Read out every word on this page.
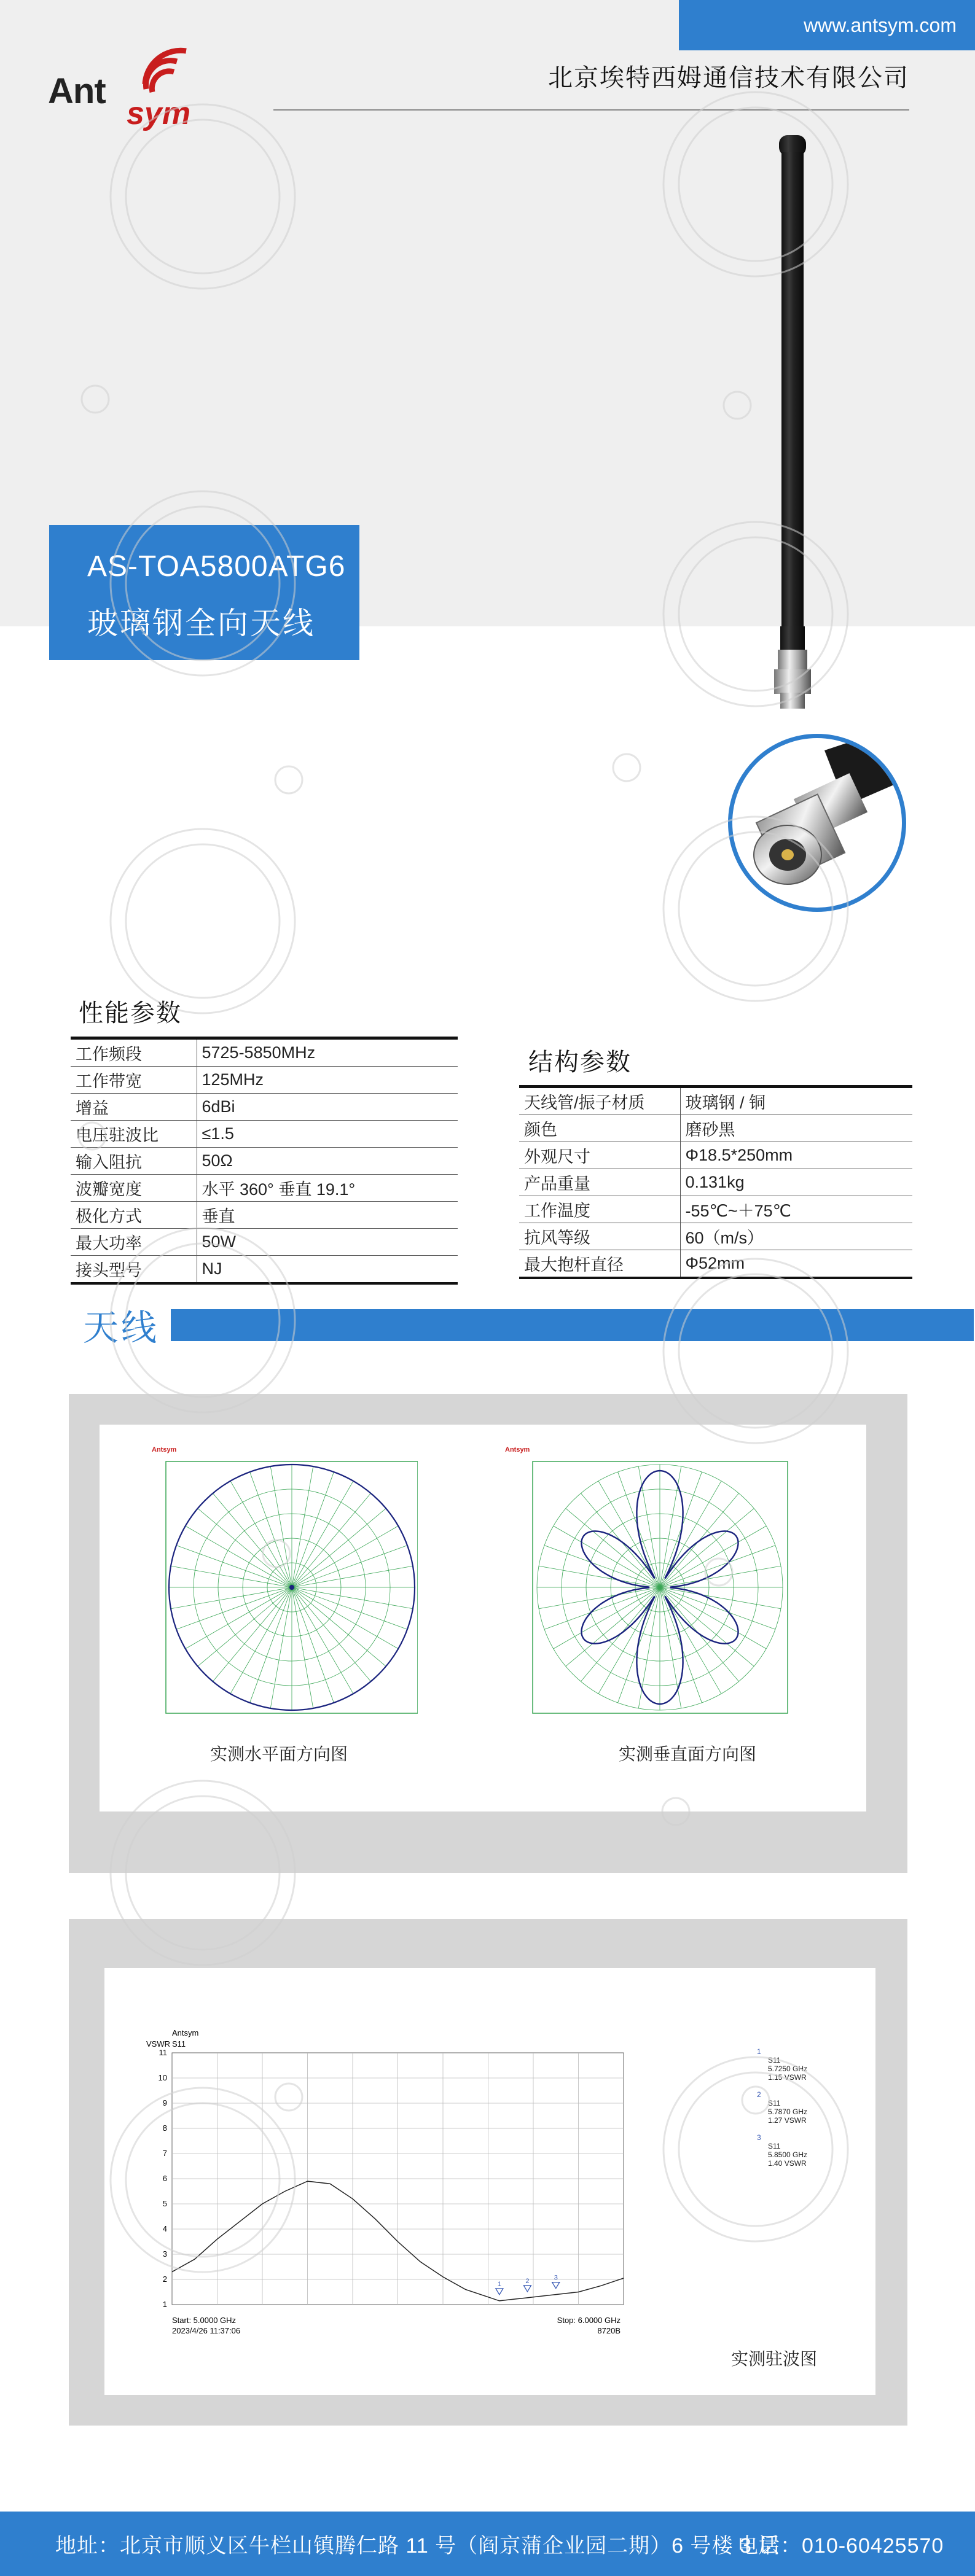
www.antsym.com
北京埃特西姆通信技术有限公司
Ant
sym
AS-TOA5800ATG6
玻璃钢全向天线
性能参数
工作频段	5725-5850MHz
工作带宽	125MHz
增益	6dBi
电压驻波比	≤1.5
输入阻抗	50Ω
波瓣宽度	水平 360° 垂直 19.1°
极化方式	垂直
最大功率	50W
接头型号	NJ
结构参数
天线管/振子材质	玻璃钢 / 铜
颜色	磨砂黑
外观尺寸	Φ18.5*250mm
产品重量	0.131kg
工作温度	-55℃~＋75℃
抗风等级	60（m/s）
最大抱杆直径	Φ52mm
天线
Antsym
实测水平面方向图
Antsym
实测垂直面方向图
VSWR
Antsym
S11
1
2
3
4
5
6
7
8
9
10
11
1	2	3
Start: 5.0000 GHz
2023/4/26 11:37:06
Stop: 6.0000 GHz
8720B
1
S11
5.7250 GHz
1.15 VSWR
2
S11
5.7870 GHz
1.27 VSWR
3
S11
5.8500 GHz
1.40 VSWR
实测驻波图
地址：北京市顺义区牛栏山镇腾仁路 11 号（阎京蒲企业园二期）6 号楼 3 层
电话：010-60425570
